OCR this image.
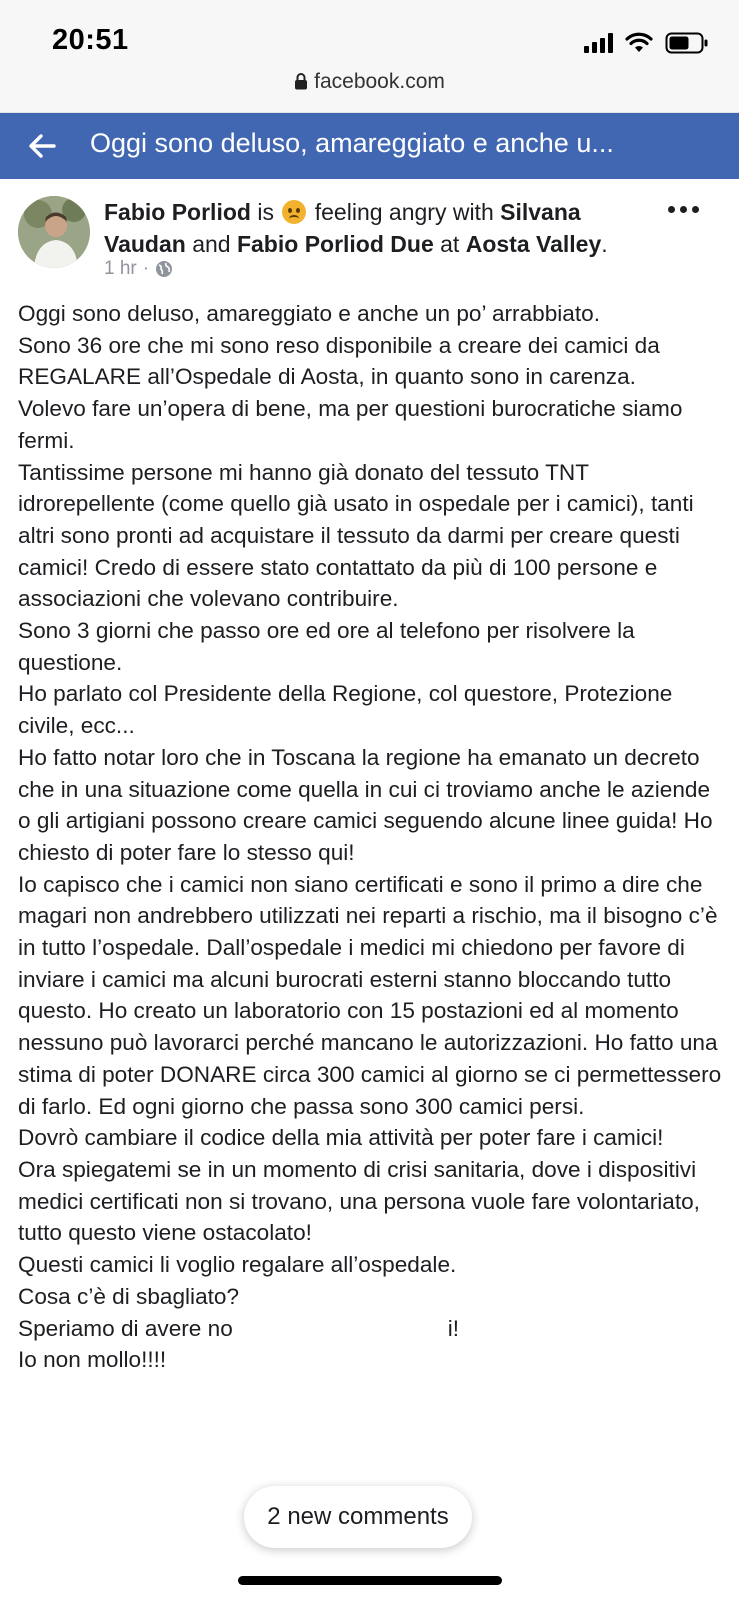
20:51
facebook.com
Oggi sono deluso, amareggiato e anche u...
Fabio Porliod is feeling angry with Silvana Vaudan and Fabio Porliod Due at Aosta Valley.
1 hr ·

Oggi sono deluso, amareggiato e anche un po’ arrabbiato.

Sono 36 ore che mi sono reso disponibile a creare dei camici da REGALARE all’Ospedale di Aosta, in quanto sono in carenza.

Volevo fare un’opera di bene, ma per questioni burocratiche siamo fermi.

Tantissime persone mi hanno già donato del tessuto TNT idrorepellente (come quello già usato in ospedale per i camici), tanti altri sono pronti ad acquistare il tessuto da darmi per creare questi camici! Credo di essere stato contattato da più di 100 persone e associazioni che volevano contribuire.

Sono 3 giorni che passo ore ed ore al telefono per risolvere la questione.

Ho parlato col Presidente della Regione, col questore, Protezione civile, ecc...

Ho fatto notar loro che in Toscana la regione ha emanato un decreto che in una situazione come quella in cui ci troviamo anche le aziende o gli artigiani possono creare camici seguendo alcune linee guida! Ho chiesto di poter fare lo stesso qui!

Io capisco che i camici non siano certificati e sono il primo a dire che magari non andrebbero utilizzati nei reparti a rischio, ma il bisogno c’è in tutto l’ospedale. Dall’ospedale i medici mi chiedono per favore di inviare i camici ma alcuni burocrati esterni stanno bloccando tutto questo. Ho creato un laboratorio con 15 postazioni ed al momento nessuno può lavorarci perché mancano le autorizzazioni. Ho fatto una stima di poter DONARE circa 300 camici al giorno se ci permettessero di farlo. Ed ogni giorno che passa sono 300 camici persi.

Dovrò cambiare il codice della mia attività per poter fare i camici!

Ora spiegatemi se in un momento di crisi sanitaria, dove i dispositivi medici certificati non si trovano, una persona vuole fare volontariato, tutto questo viene ostacolato!

Questi camici li voglio regalare all’ospedale.

Cosa c’è di sbagliato?

Speriamo di avere no	i!

Io non mollo!!!!

2 new comments
